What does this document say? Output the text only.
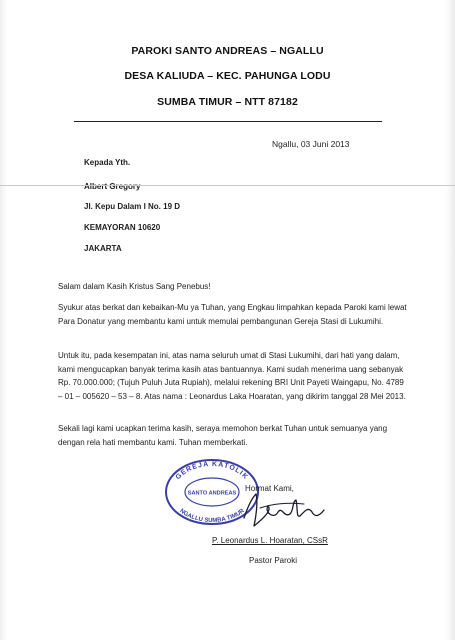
PAROKI SANTO ANDREAS – NGALLU
DESA KALIUDA – KEC. PAHUNGA LODU
SUMBA TIMUR – NTT 87182
Ngallu, 03 Juni 2013
Kepada Yth.
Albert Gregory
Jl. Kepu Dalam I No. 19 D
KEMAYORAN 10620
JAKARTA

Salam dalam Kasih Kristus Sang Penebus!

Syukur atas berkat dan kebaikan-Mu ya Tuhan, yang Engkau limpahkan kepada Paroki kami lewat Para Donatur yang membantu kami untuk memulai pembangunan Gereja Stasi di Lukumihi.

Untuk itu, pada kesempatan ini, atas nama seluruh umat di Stasi Lukumihi, dari hati yang dalam, kami mengucapkan banyak terima kasih atas bantuannya. Kami sudah menerima uang sebanyak Rp. 70.000.000; (Tujuh Puluh Juta Rupiah), melalui rekening BRI Unit Payeti Waingapu, No. 4789 – 01 – 005620 – 53 – 8. Atas nama : Leonardus Laka Hoaratan, yang dikirim tanggal 28 Mei 2013.

Sekali lagi kami ucapkan terima kasih, seraya memohon berkat Tuhan untuk semuanya yang dengan rela hati membantu kami. Tuhan memberkati.

GEREJA KATOLIK
SANTO ANDREAS
NGALLU SUMBA TIMUR
Hormat Kami,
P. Leonardus L. Hoaratan, CSsR
Pastor Paroki
